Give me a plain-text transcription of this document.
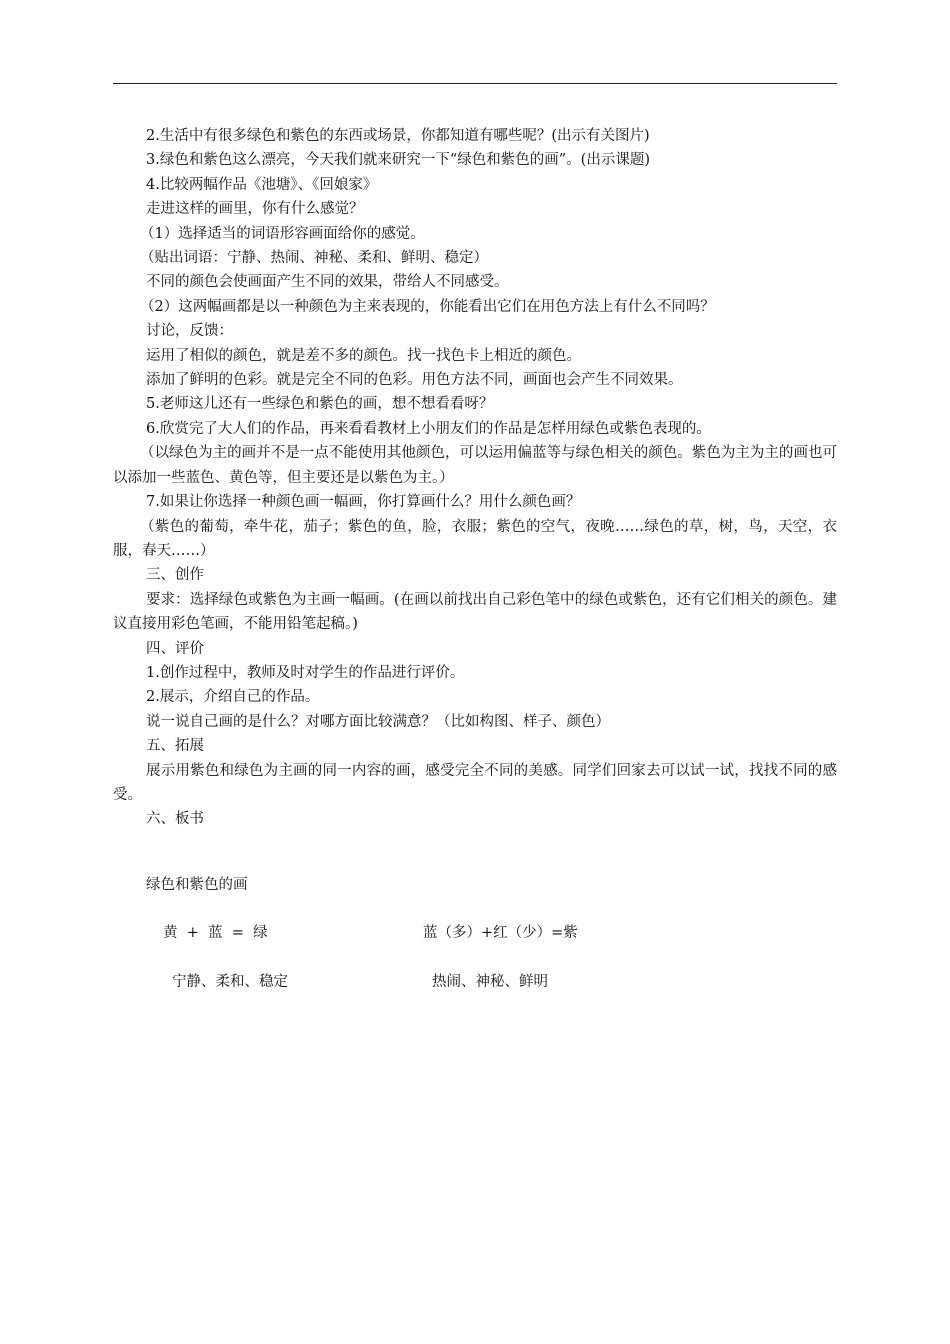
2.生活中有很多绿色和紫色的东西或场景，你都知道有哪些呢？(出示有关图片)

3.绿色和紫色这么漂亮，今天我们就来研究一下“绿色和紫色的画”。(出示课题)

4.比较两幅作品《池塘》、《回娘家》

走进这样的画里，你有什么感觉？

（1）选择适当的词语形容画面给你的感觉。

（贴出词语：宁静、热闹、神秘、柔和、鲜明、稳定）

不同的颜色会使画面产生不同的效果，带给人不同感受。

（2）这两幅画都是以一种颜色为主来表现的，你能看出它们在用色方法上有什么不同吗？

讨论，反馈：

运用了相似的颜色，就是差不多的颜色。找一找色卡上相近的颜色。

添加了鲜明的色彩。就是完全不同的色彩。用色方法不同，画面也会产生不同效果。

5.老师这儿还有一些绿色和紫色的画，想不想看看呀？

6.欣赏完了大人们的作品，再来看看教材上小朋友们的作品是怎样用绿色或紫色表现的。

（以绿色为主的画并不是一点不能使用其他颜色，可以运用偏蓝等与绿色相关的颜色。紫色为主为主的画也可以添加一些蓝色、黄色等，但主要还是以紫色为主。）

7.如果让你选择一种颜色画一幅画，你打算画什么？用什么颜色画？

（紫色的葡萄，牵牛花，茄子；紫色的鱼，脸，衣服；紫色的空气，夜晚……绿色的草，树，鸟，天空，衣服，春天……）

三、创作

要求：选择绿色或紫色为主画一幅画。(在画以前找出自己彩色笔中的绿色或紫色，还有它们相关的颜色。建议直接用彩色笔画，不能用铅笔起稿。)

四、评价

1.创作过程中，教师及时对学生的作品进行评价。

2.展示，介绍自己的作品。

说一说自己画的是什么？对哪方面比较满意？（比如构图、样子、颜色）

五、拓展

展示用紫色和绿色为主画的同一内容的画，感受完全不同的美感。同学们回家去可以试一试，找找不同的感受。

六、板书

绿色和紫色的画
黄  +  蓝  =  绿	蓝（多）+红（少）=紫
宁静、柔和、稳定	热闹、神秘、鲜明
